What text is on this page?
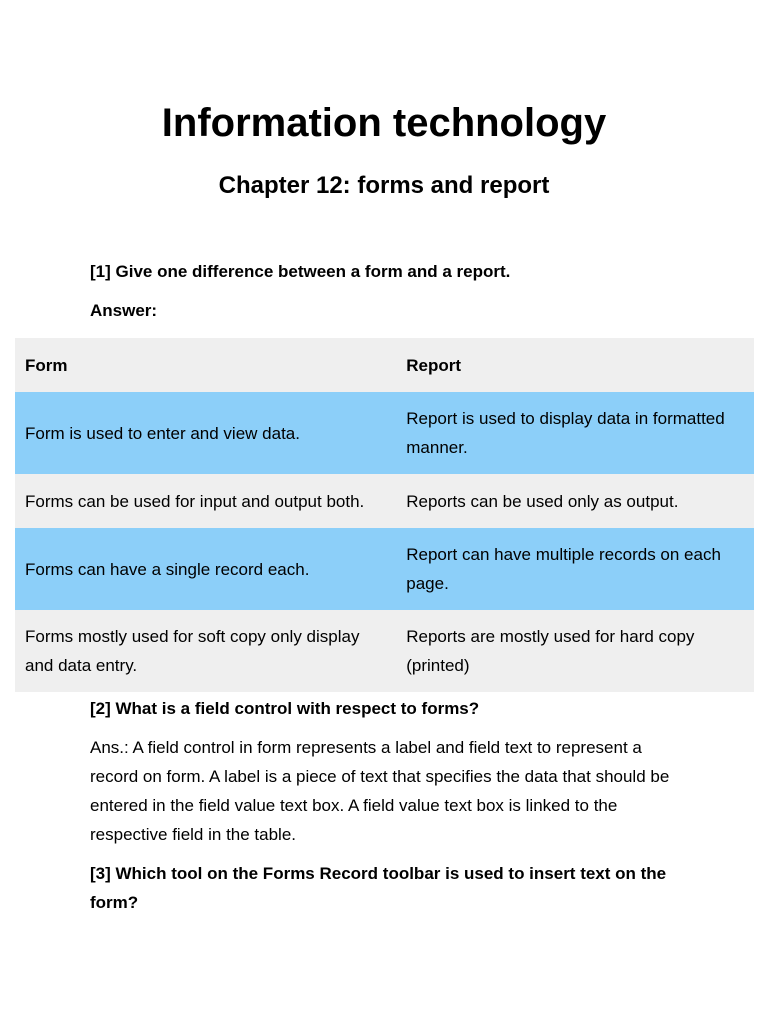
Information technology
Chapter 12: forms and report
[1] Give one difference between a form and a report.
Answer:
Form	Report
Form is used to enter and view data.	Report is used to display data in formatted manner.
Forms can be used for input and output both.	Reports can be used only as output.
Forms can have a single record each.	Report can have multiple records on each page.
Forms mostly used for soft copy only display and data entry.	Reports are mostly used for hard copy (printed)
[2] What is a field control with respect to forms?
Ans.: A field control in form represents a label and field text to represent a record on form. A label is a piece of text that specifies the data that should be entered in the field value text box. A field value text box is linked to the respective field in the table.
[3] Which tool on the Forms Record toolbar is used to insert text on the form?
